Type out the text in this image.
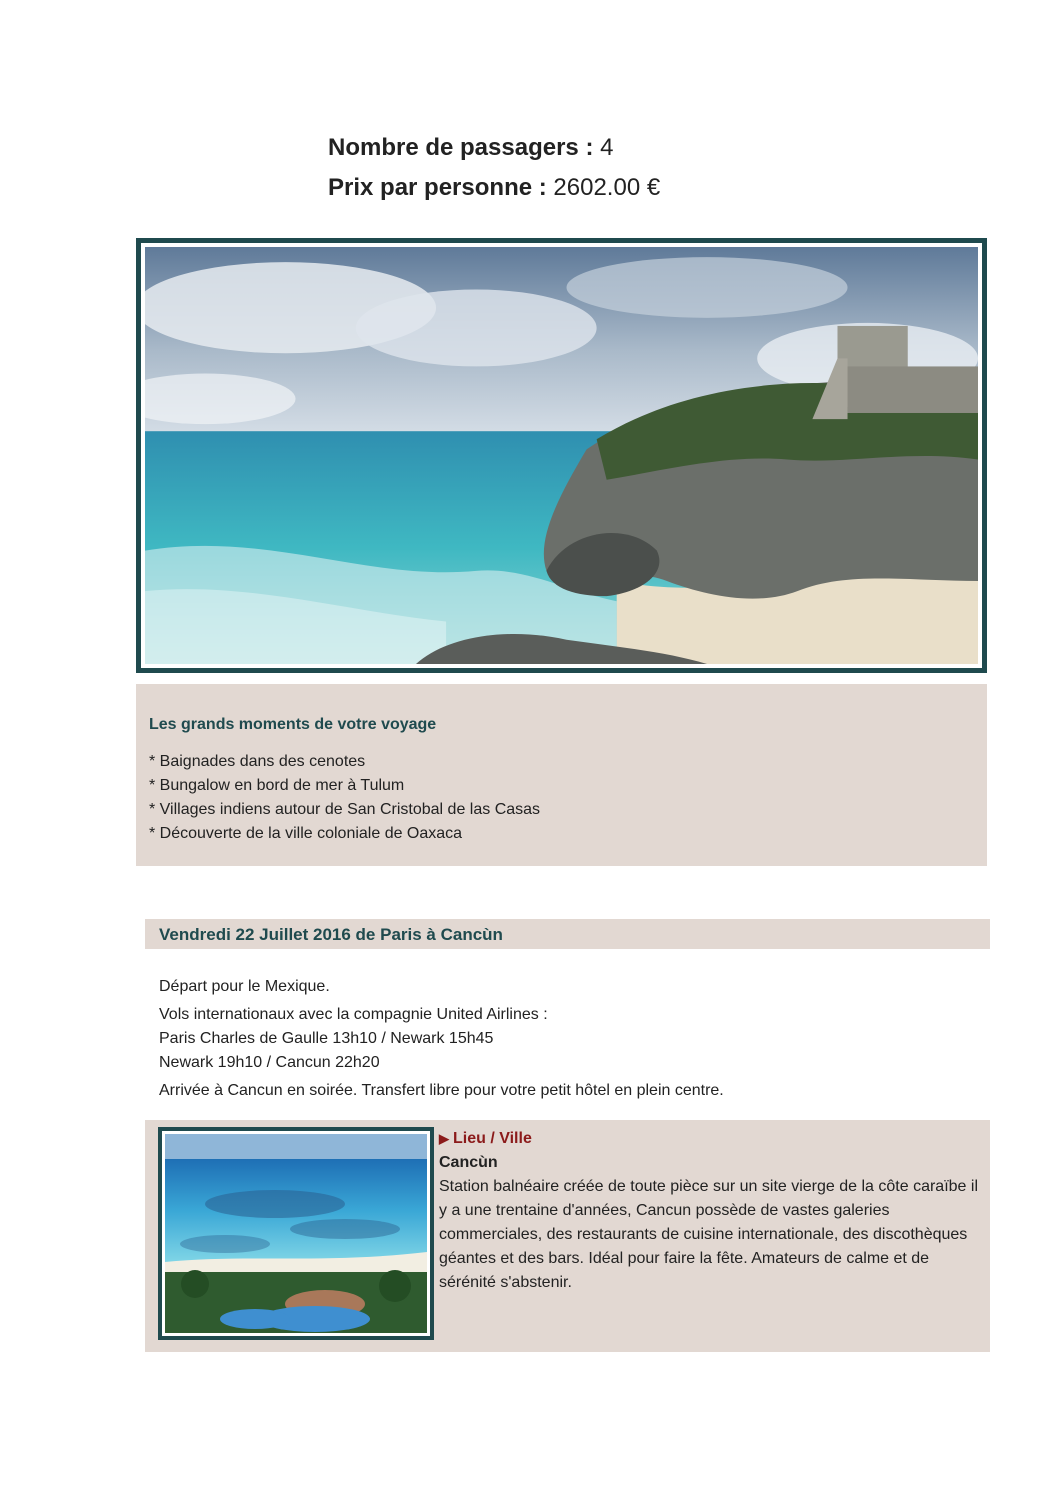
Nombre de passagers : 4
Prix par personne : 2602.00 €
Les grands moments de votre voyage
* Baignades dans des cenotes
* Bungalow en bord de mer à Tulum
* Villages indiens autour de San Cristobal de las Casas
* Découverte de la ville coloniale de Oaxaca
Vendredi 22 Juillet 2016 de Paris à Cancùn

Départ pour le Mexique.

Vols internationaux avec la compagnie United Airlines :

Paris Charles de Gaulle 13h10 / Newark 15h45

Newark 19h10 / Cancun 22h20

Arrivée à Cancun en soirée. Transfert libre pour votre petit hôtel en plein centre.

▶ Lieu / Ville
Cancùn
Station balnéaire créée de toute pièce sur un site vierge de la côte caraïbe il y a une trentaine d'années, Cancun possède de vastes galeries commerciales, des restaurants de cuisine internationale, des discothèques géantes et des bars. Idéal pour faire la fête. Amateurs de calme et de sérénité s'abstenir.
